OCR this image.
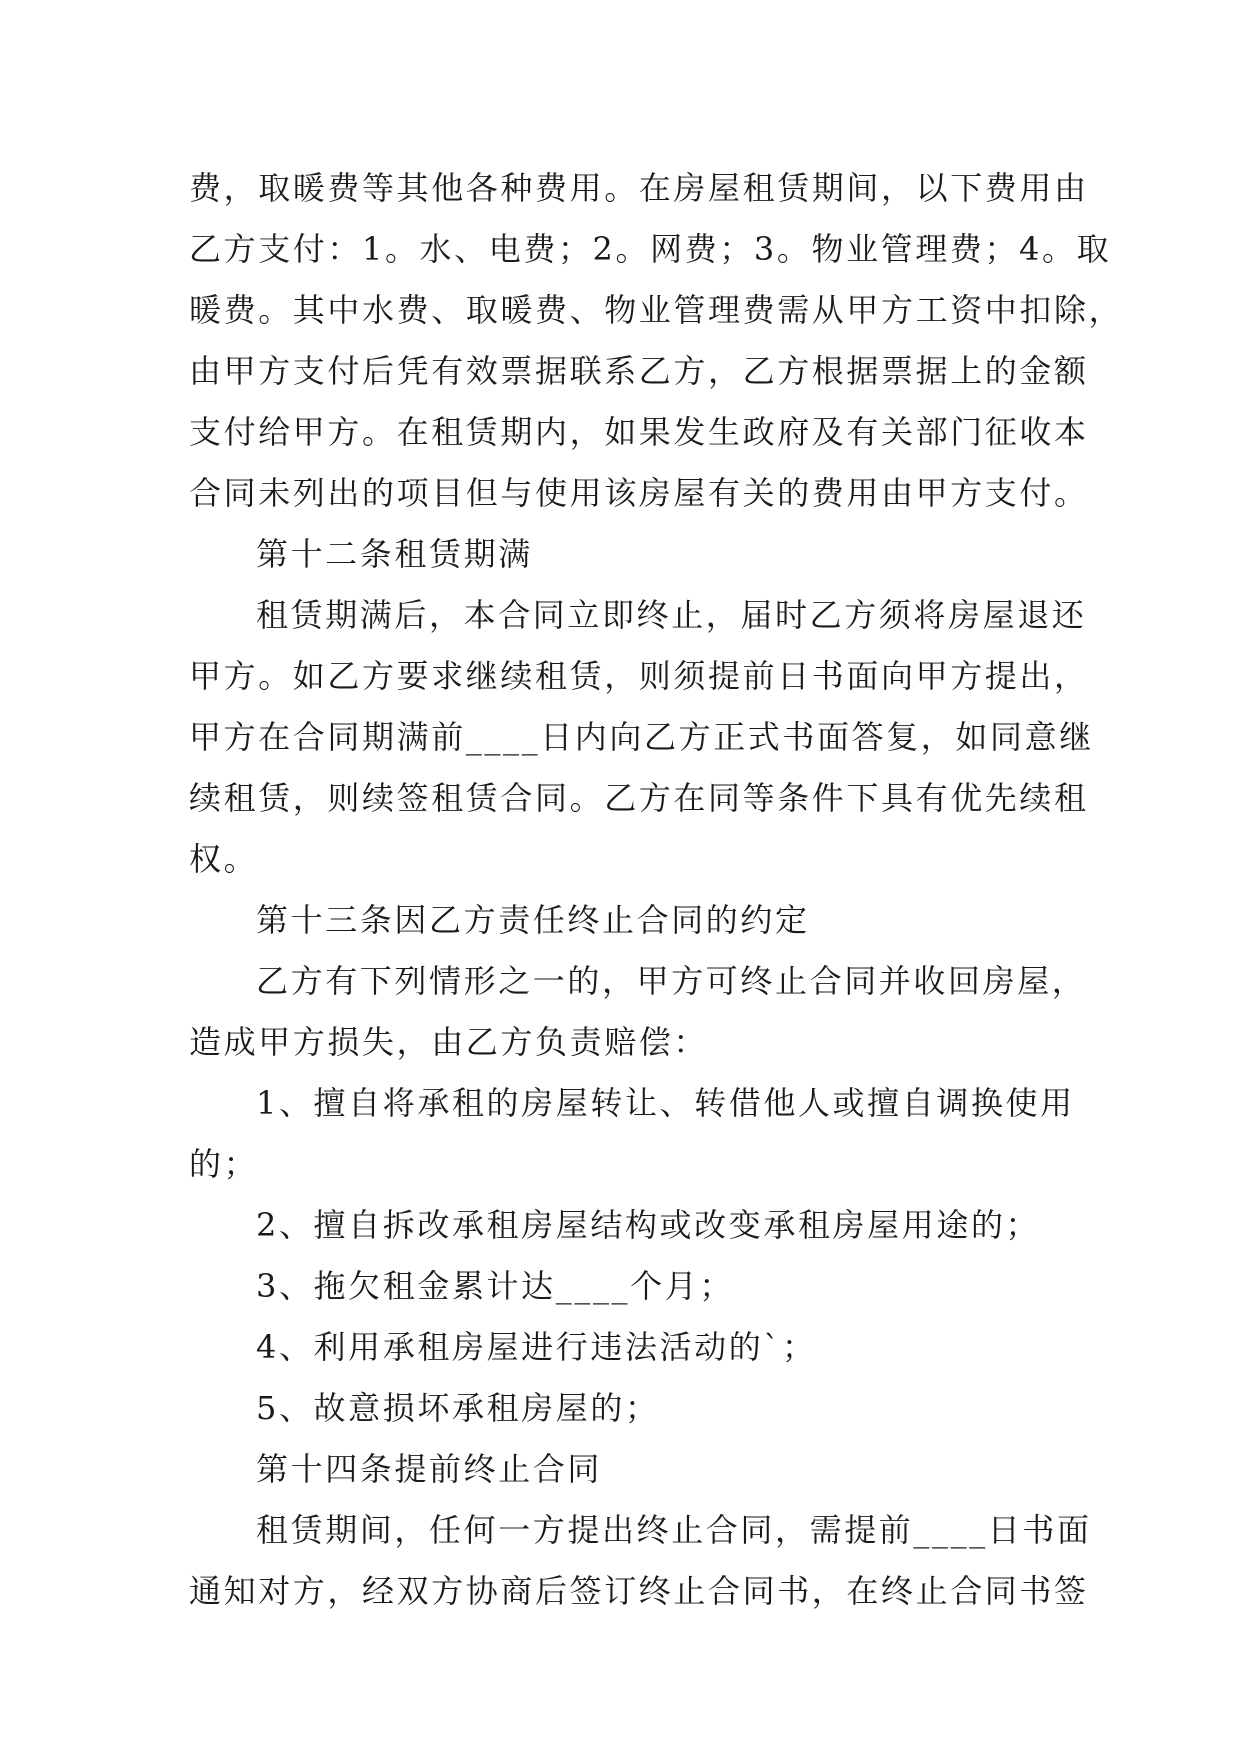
费，取暖费等其他各种费用。在房屋租赁期间，以下费用由
乙方支付：1。水、电费；2。网费；3。物业管理费；4。取
暖费。其中水费、取暖费、物业管理费需从甲方工资中扣除，
由甲方支付后凭有效票据联系乙方，乙方根据票据上的金额
支付给甲方。在租赁期内，如果发生政府及有关部门征收本
合同未列出的项目但与使用该房屋有关的费用由甲方支付。
第十二条租赁期满
租赁期满后，本合同立即终止，届时乙方须将房屋退还
甲方。如乙方要求继续租赁，则须提前日书面向甲方提出，
甲方在合同期满前____日内向乙方正式书面答复，如同意继
续租赁，则续签租赁合同。乙方在同等条件下具有优先续租
权。
第十三条因乙方责任终止合同的约定
乙方有下列情形之一的，甲方可终止合同并收回房屋，
造成甲方损失，由乙方负责赔偿：
1、擅自将承租的房屋转让、转借他人或擅自调换使用
的；
2、擅自拆改承租房屋结构或改变承租房屋用途的；
3、拖欠租金累计达____个月；
4、利用承租房屋进行违法活动的`；
5、故意损坏承租房屋的；
第十四条提前终止合同
租赁期间，任何一方提出终止合同，需提前____日书面
通知对方，经双方协商后签订终止合同书，在终止合同书签
